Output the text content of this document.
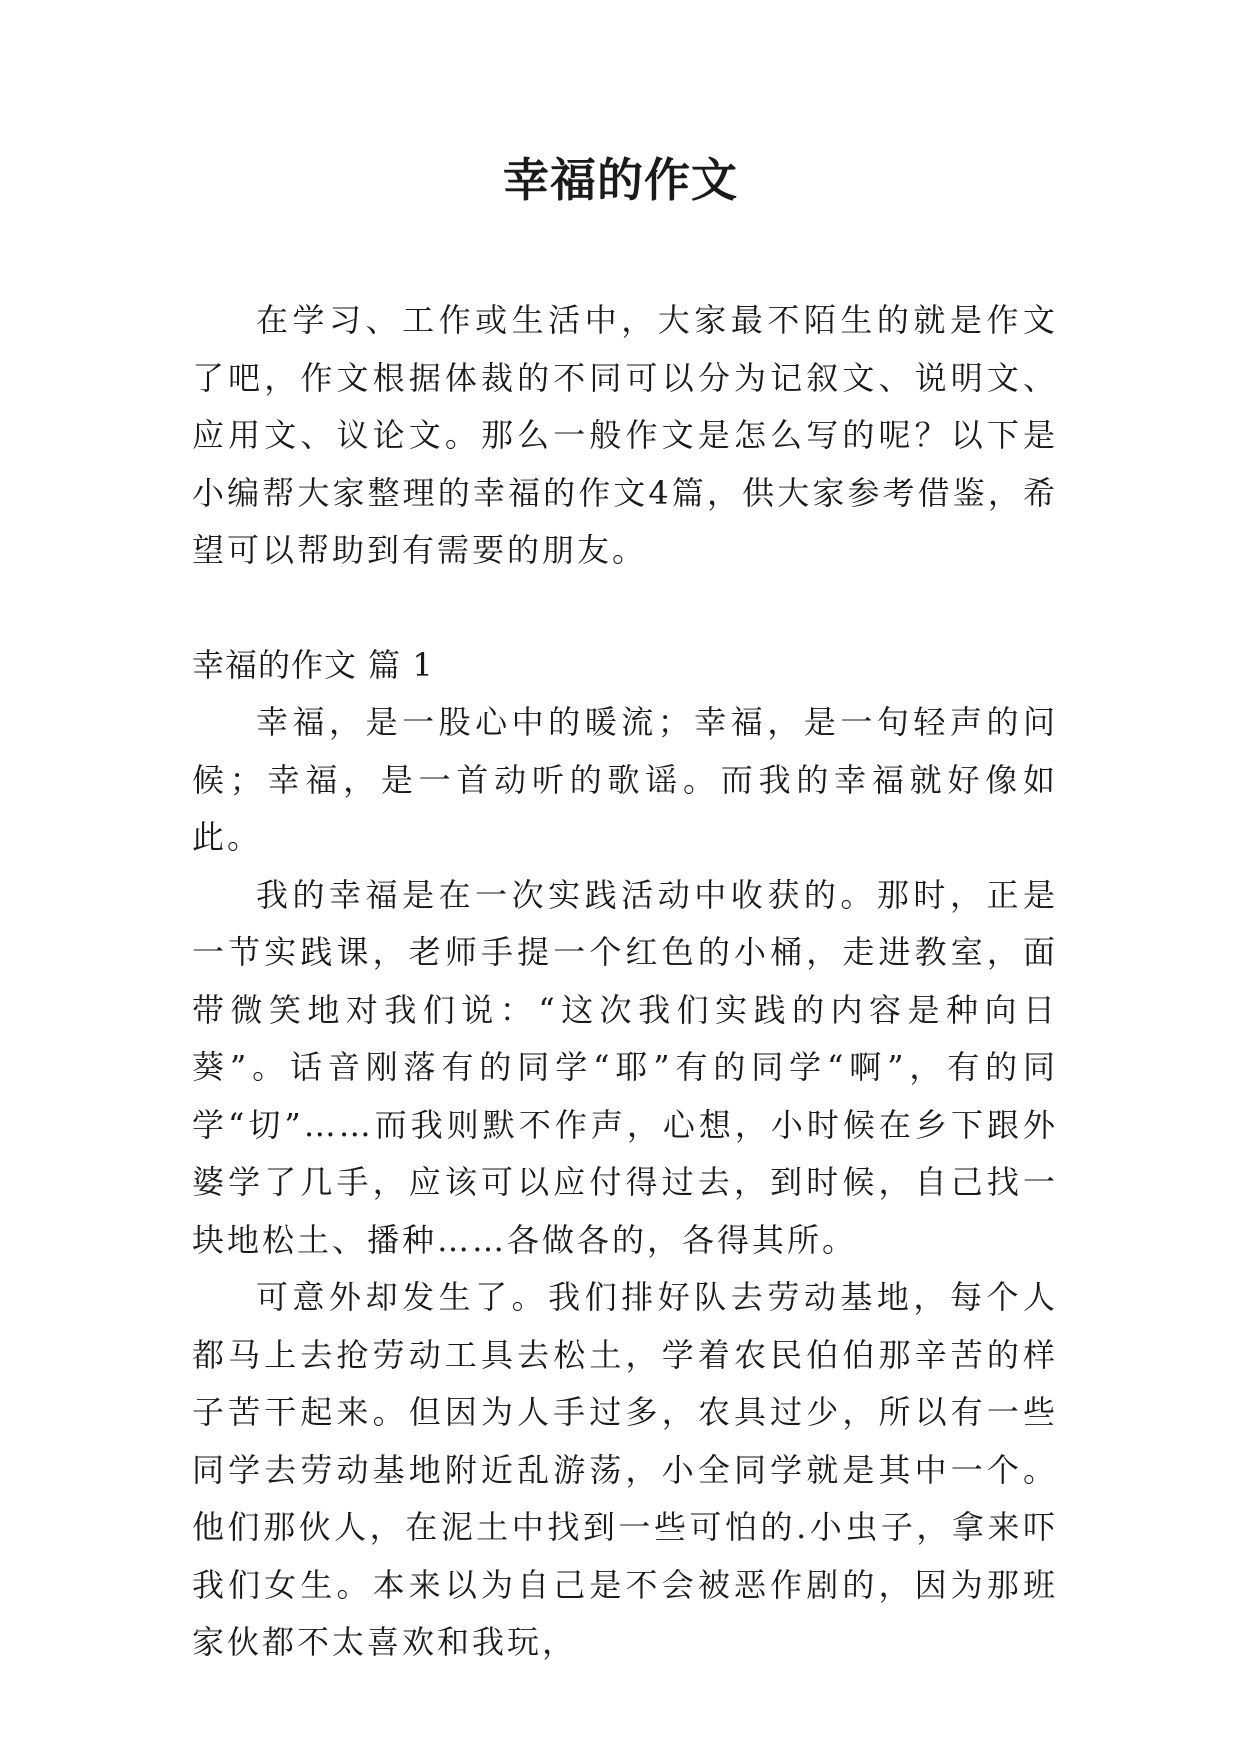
幸福的作文

在学习、工作或生活中，大家最不陌生的就是作文了吧，作文根据体裁的不同可以分为记叙文、说明文、应用文、议论文。那么一般作文是怎么写的呢？以下是小编帮大家整理的幸福的作文4篇，供大家参考借鉴，希望可以帮助到有需要的朋友。

幸福的作文 篇 1

幸福，是一股心中的暖流；幸福，是一句轻声的问候；幸福，是一首动听的歌谣。而我的幸福就好像如此。

我的幸福是在一次实践活动中收获的。那时，正是一节实践课，老师手提一个红色的小桶，走进教室，面带微笑地对我们说：“这次我们实践的内容是种向日葵”。话音刚落有的同学“耶”有的同学“啊”，有的同学“切”……而我则默不作声，心想，小时候在乡下跟外婆学了几手，应该可以应付得过去，到时候，自己找一块地松土、播种……各做各的，各得其所。

可意外却发生了。我们排好队去劳动基地，每个人都马上去抢劳动工具去松土，学着农民伯伯那辛苦的样子苦干起来。但因为人手过多，农具过少，所以有一些同学去劳动基地附近乱游荡，小全同学就是其中一个。他们那伙人，在泥土中找到一些可怕的.小虫子，拿来吓我们女生。本来以为自己是不会被恶作剧的，因为那班家伙都不太喜欢和我玩，
